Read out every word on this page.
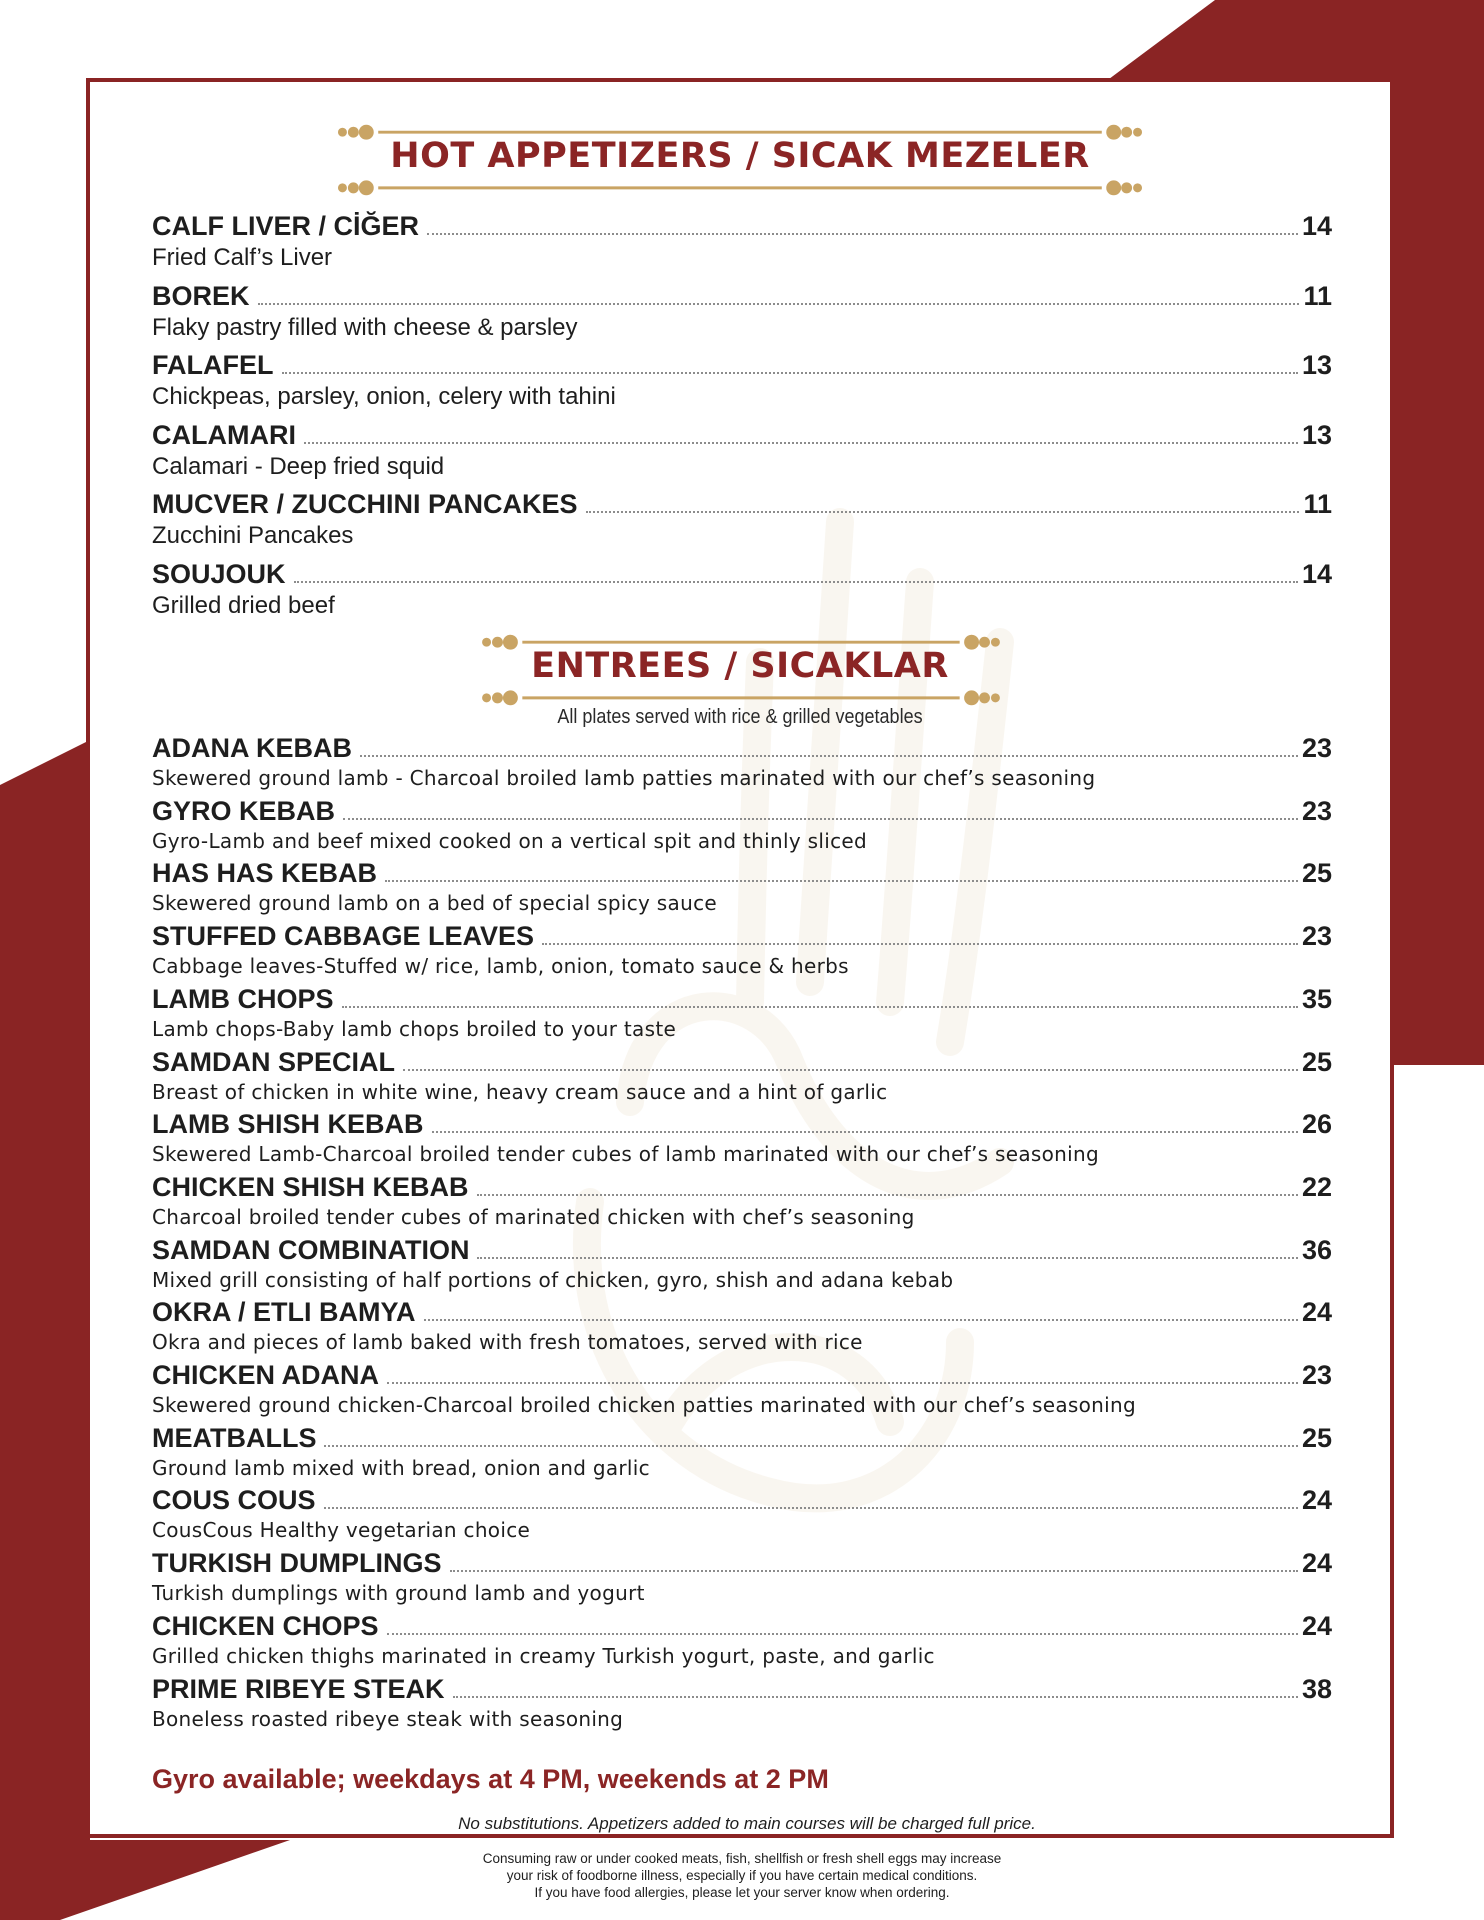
HOT APPETIZERS / SICAK MEZELER
CALF LIVER / CİĞER	14
Fried Calf’s Liver
BOREK	11
Flaky pastry filled with cheese & parsley
FALAFEL	13
Chickpeas, parsley, onion, celery with tahini
CALAMARI	13
Calamari - Deep fried squid
MUCVER / ZUCCHINI PANCAKES	11
Zucchini Pancakes
SOUJOUK	14
Grilled dried beef
ENTREES / SICAKLAR
All plates served with rice & grilled vegetables
ADANA KEBAB	23
Skewered ground lamb - Charcoal broiled lamb patties marinated with our chef’s seasoning
GYRO KEBAB	23
Gyro-Lamb and beef mixed cooked on a vertical spit and thinly sliced
HAS HAS KEBAB	25
Skewered ground lamb on a bed of special spicy sauce
STUFFED CABBAGE LEAVES	23
Cabbage leaves-Stuffed w/ rice, lamb, onion, tomato sauce & herbs
LAMB CHOPS	35
Lamb chops-Baby lamb chops broiled to your taste
SAMDAN SPECIAL	25
Breast of chicken in white wine, heavy cream sauce and a hint of garlic
LAMB SHISH KEBAB	26
Skewered Lamb-Charcoal broiled tender cubes of lamb marinated with our chef’s seasoning
CHICKEN SHISH KEBAB	22
Charcoal broiled tender cubes of marinated chicken with chef’s seasoning
SAMDAN COMBINATION	36
Mixed grill consisting of half portions of chicken, gyro, shish and adana kebab
OKRA / ETLI BAMYA	24
Okra and pieces of lamb baked with fresh tomatoes, served with rice
CHICKEN ADANA	23
Skewered ground chicken-Charcoal broiled chicken patties marinated with our chef’s seasoning
MEATBALLS	25
Ground lamb mixed with bread, onion and garlic
COUS COUS	24
CousCous Healthy vegetarian choice
TURKISH DUMPLINGS	24
Turkish dumplings with ground lamb and yogurt
CHICKEN CHOPS	24
Grilled chicken thighs marinated in creamy Turkish yogurt, paste, and garlic
PRIME RIBEYE STEAK	38
Boneless roasted ribeye steak with seasoning
Gyro available; weekdays at 4 PM, weekends at 2 PM
No substitutions. Appetizers added to main courses will be charged full price.
Consuming raw or under cooked meats, fish, shellfish or fresh shell eggs may increase
your risk of foodborne illness, especially if you have certain medical conditions.
If you have food allergies, please let your server know when ordering.
